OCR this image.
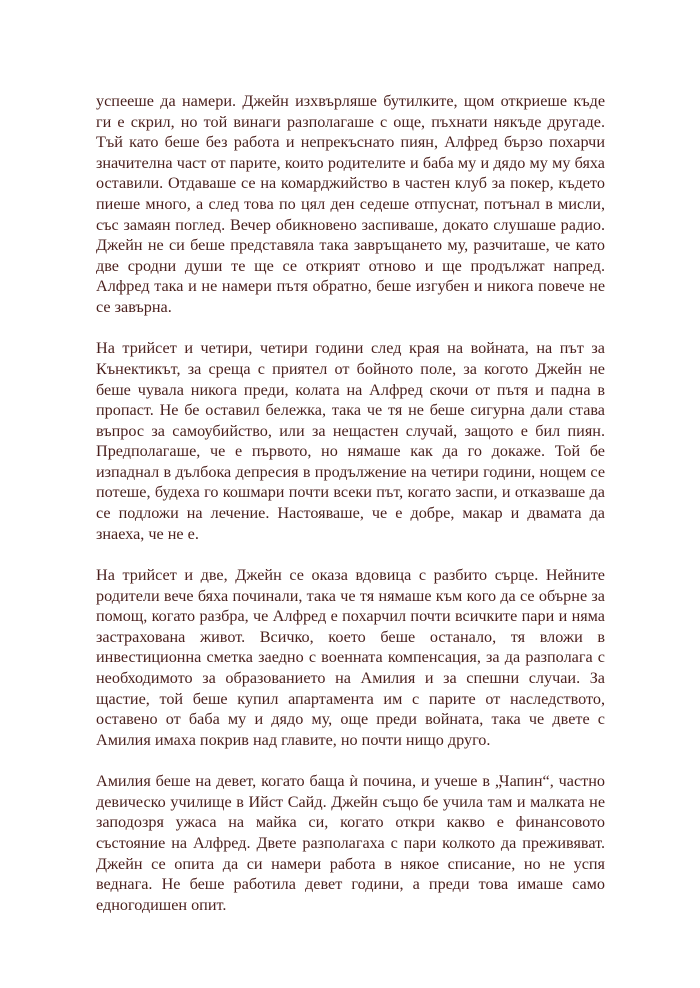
успееше да намери. Джейн изхвърляше бутилките, щом откриеше къде ги е скрил, но той винаги разполагаше с още, пъхнати някъде другаде. Тъй като беше без работа и непрекъснато пиян, Алфред бързо похарчи значителна част от парите, които родителите и баба му и дядо му му бяха оставили. Отдаваше се на комарджийство в частен клуб за покер, където пиеше много, а след това по цял ден седеше отпуснат, потънал в мисли, със замаян поглед. Вечер обикновено заспиваше, докато слушаше радио. Джейн не си беше представяла така завръщането му, разчиташе, че като две сродни души те ще се открият отново и ще продължат напред. Алфред така и не намери пътя обратно, беше изгубен и никога повече не се завърна.

На трийсет и четири, четири години след края на войната, на път за Кънектикът, за среща с приятел от бойното поле, за когото Джейн не беше чувала никога преди, колата на Алфред скочи от пътя и падна в пропаст. Не бе оставил бележка, така че тя не беше сигурна дали става въпрос за самоубийство, или за нещастен случай, защото е бил пиян. Предполагаше, че е първото, но нямаше как да го докаже. Той бе изпаднал в дълбока депресия в продължение на четири години, нощем се потеше, будеха го кошмари почти всеки път, когато заспи, и отказваше да се подложи на лечение. Настояваше, че е добре, макар и двамата да знаеха, че не е.

На трийсет и две, Джейн се оказа вдовица с разбито сърце. Нейните родители вече бяха починали, така че тя нямаше към кого да се обърне за помощ, когато разбра, че Алфред е похарчил почти всичките пари и няма застрахована живот. Всичко, което беше останало, тя вложи в инвестиционна сметка заедно с военната компенсация, за да разполага с необходимото за образованието на Амилия и за спешни случаи. За щастие, той беше купил апартамента им с парите от наследството, оставено от баба му и дядо му, още преди войната, така че двете с Амилия имаха покрив над главите, но почти нищо друго.

Амилия беше на девет, когато баща ѝ почина, и учеше в „Чапин“, частно девическо училище в Ийст Сайд. Джейн също бе учила там и малката не заподозря ужаса на майка си, когато откри какво е финансовото състояние на Алфред. Двете разполагаха с пари колкото да преживяват. Джейн се опита да си намери работа в някое списание, но не успя веднага. Не беше работила девет години, а преди това имаше само едногодишен опит.
